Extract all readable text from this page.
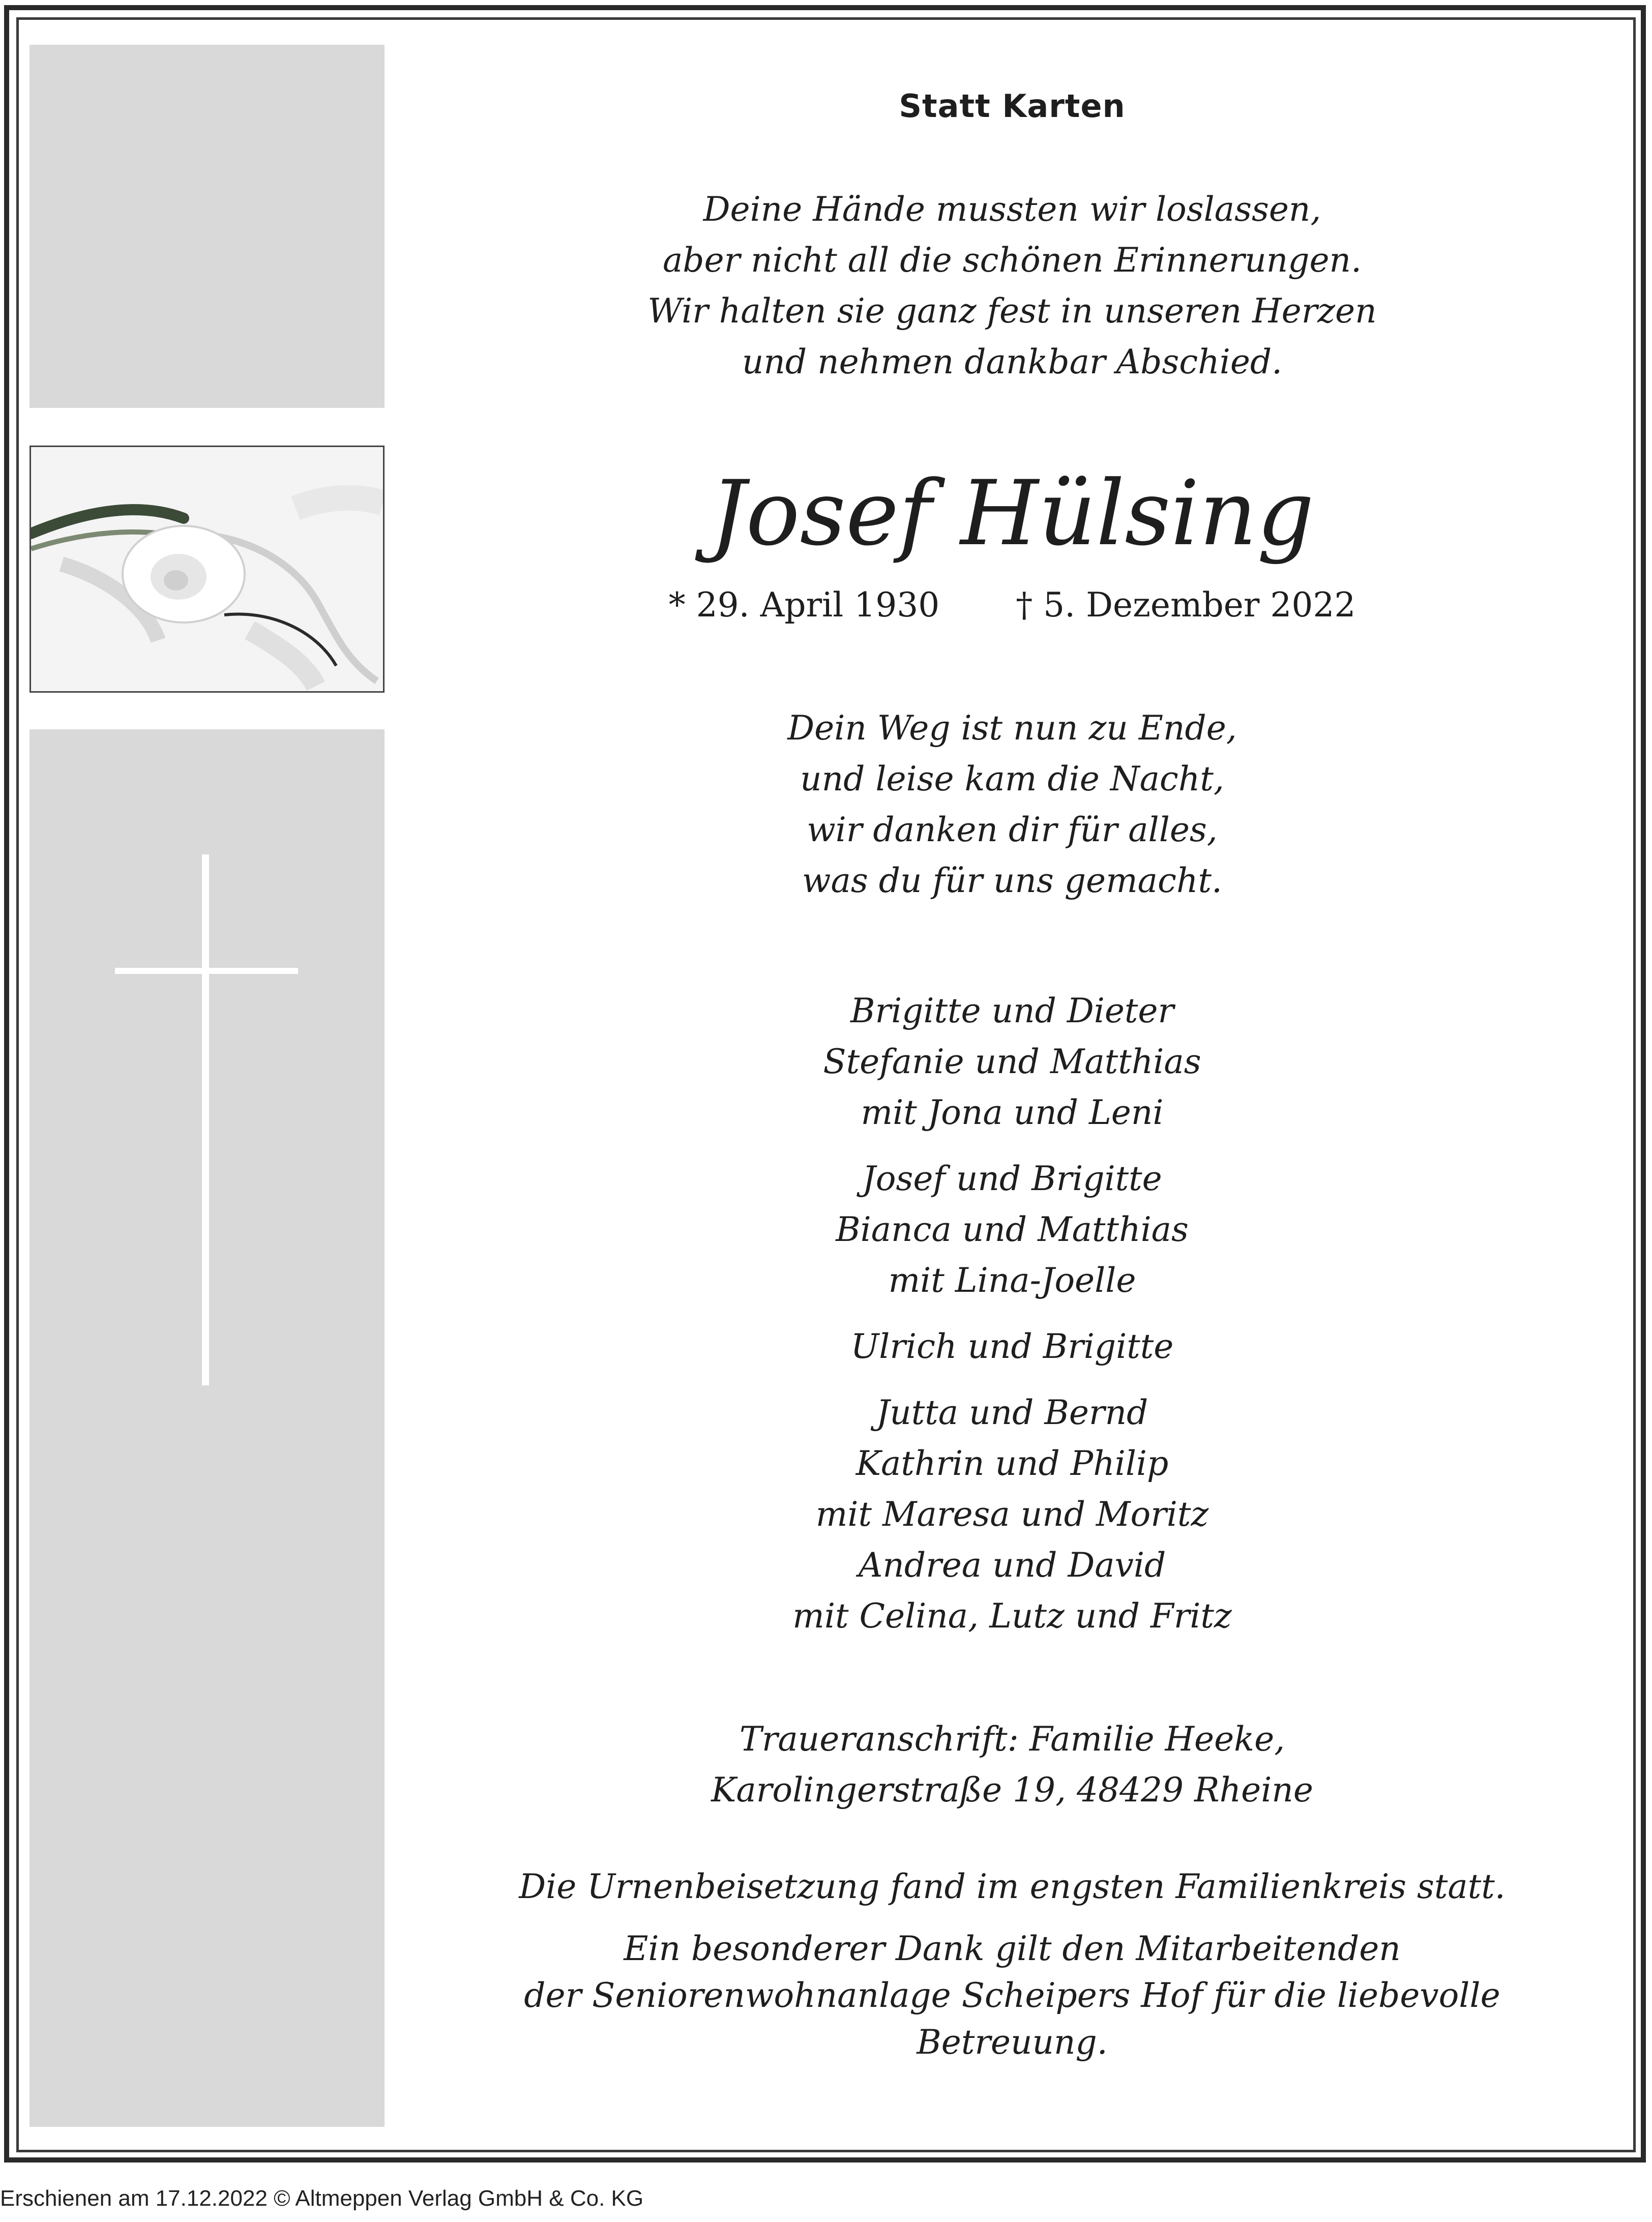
Statt Karten
Deine Hände mussten wir loslassen,
aber nicht all die schönen Erinnerungen.
Wir halten sie ganz fest in unseren Herzen
und nehmen dankbar Abschied.
Josef Hülsing
* 29. April 1930 † 5. Dezember 2022
Dein Weg ist nun zu Ende,
und leise kam die Nacht,
wir danken dir für alles,
was du für uns gemacht.
Brigitte und Dieter
Stefanie und Matthias
mit Jona und Leni
Josef und Brigitte
Bianca und Matthias
mit Lina-Joelle
Ulrich und Brigitte
Jutta und Bernd
Kathrin und Philip
mit Maresa und Moritz
Andrea und David
mit Celina, Lutz und Fritz
Traueranschrift: Familie Heeke,
Karolingerstraße 19, 48429 Rheine
Die Urnenbeisetzung fand im engsten Familienkreis statt.
Ein besonderer Dank gilt den Mitarbeitenden
der Seniorenwohnanlage Scheipers Hof für die liebevolle
Betreuung.
Erschienen am 17.12.2022 © Altmeppen Verlag GmbH & Co. KG
